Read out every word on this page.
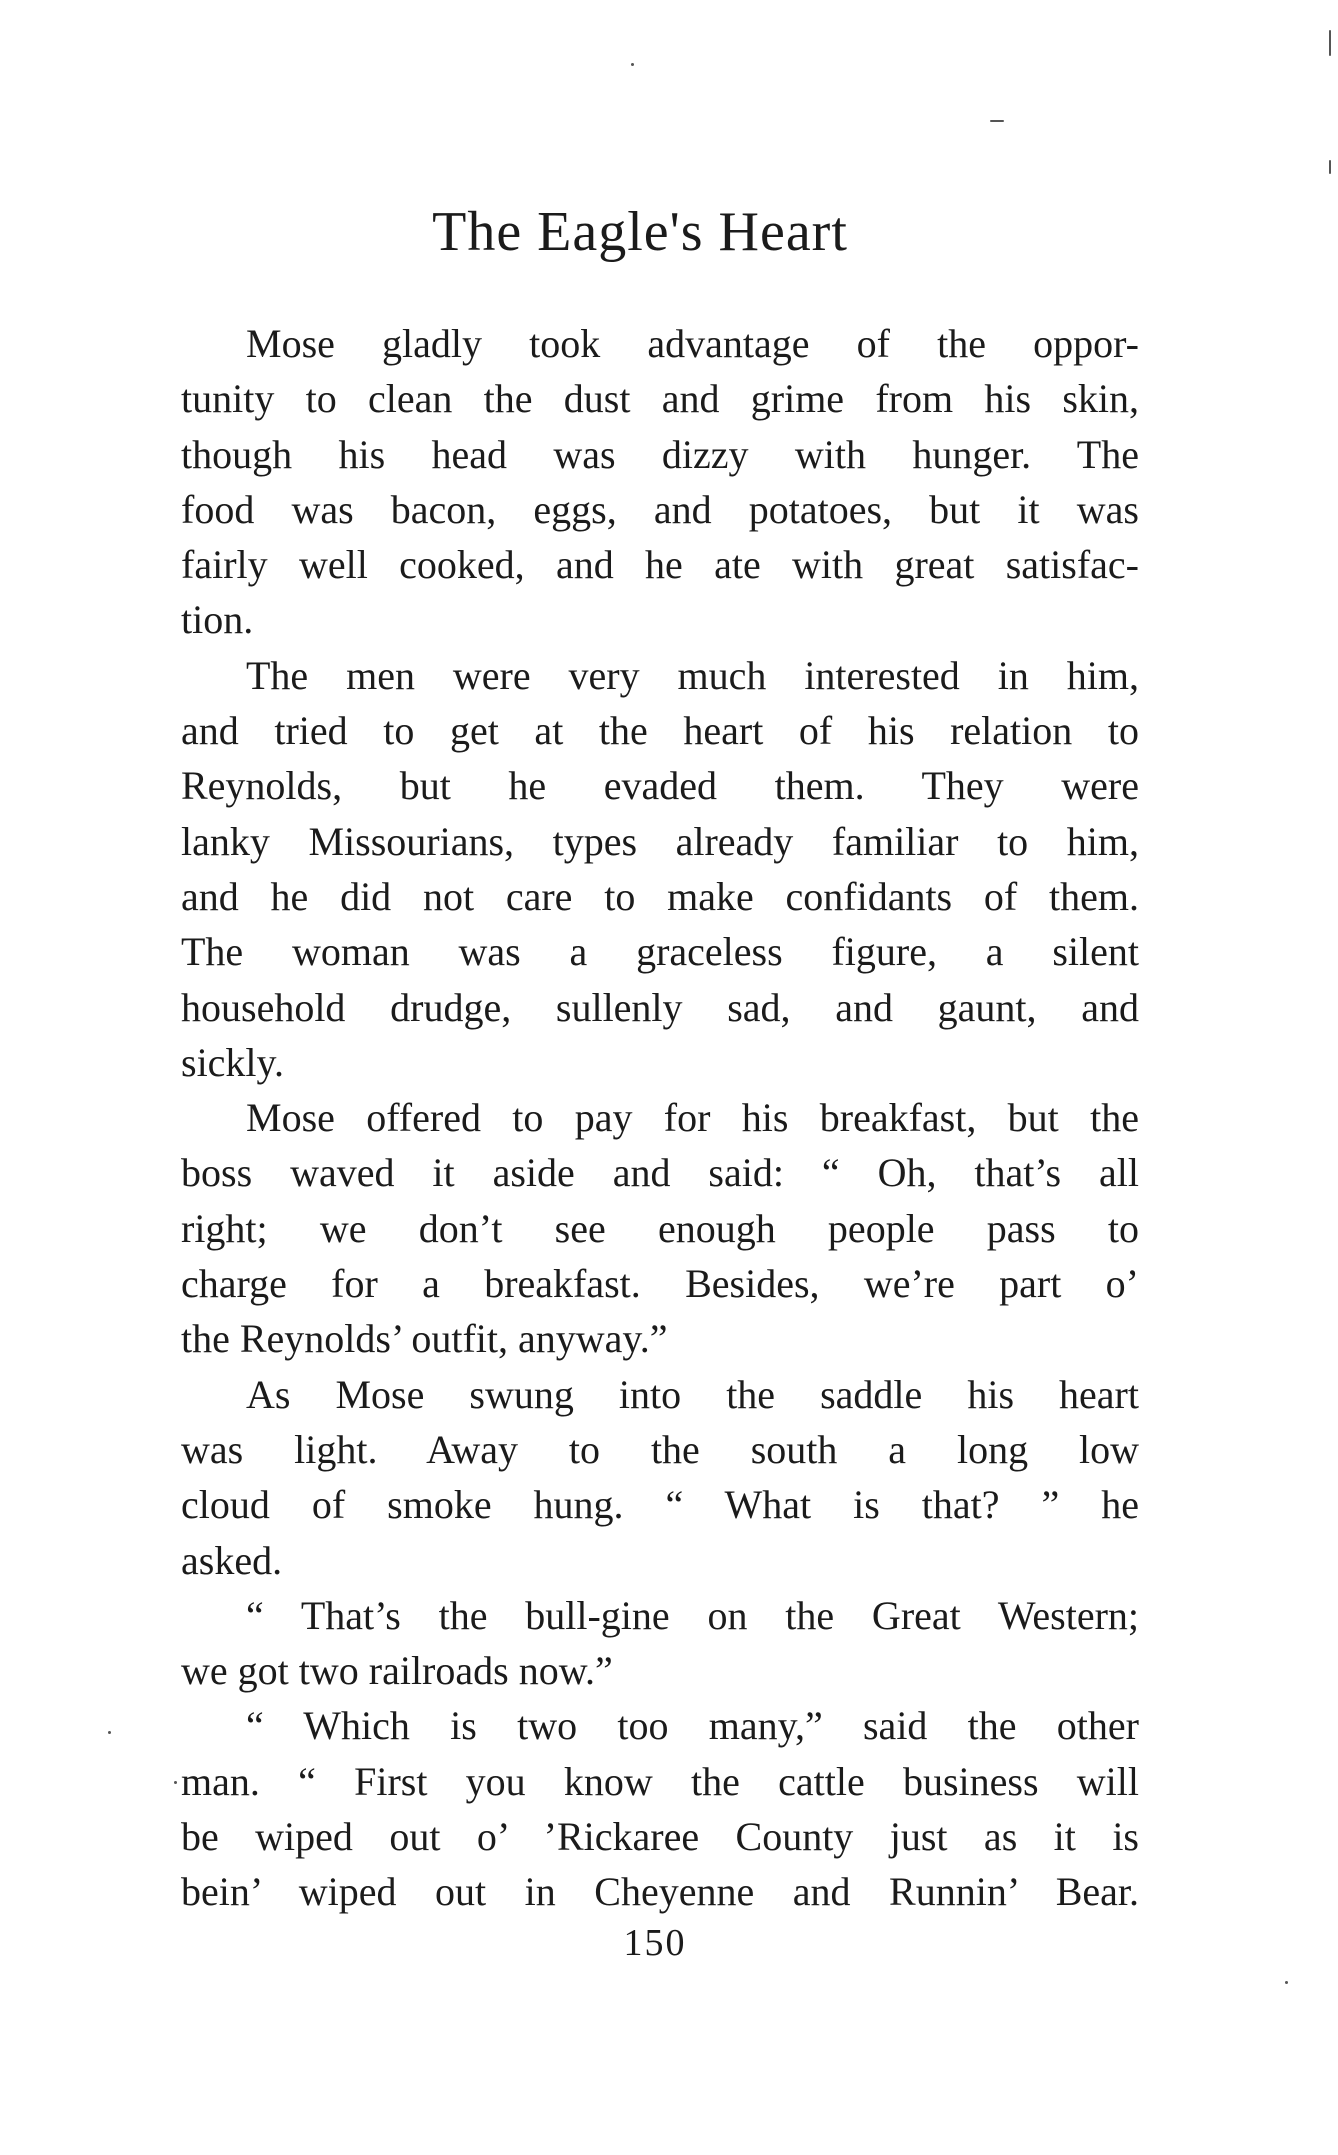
The Eagle's Heart
Mose gladly took advantage of the oppor-
tunity to clean the dust and grime from his skin,
though his head was dizzy with hunger. The
food was bacon, eggs, and potatoes, but it was
fairly well cooked, and he ate with great satisfac-
tion.
The men were very much interested in him,
and tried to get at the heart of his relation to
Reynolds, but he evaded them. They were
lanky Missourians, types already familiar to him,
and he did not care to make confidants of them.
The woman was a graceless figure, a silent
household drudge, sullenly sad, and gaunt, and
sickly.
Mose offered to pay for his breakfast, but the
boss waved it aside and said: “ Oh, that’s all
right; we don’t see enough people pass to
charge for a breakfast. Besides, we’re part o’
the Reynolds’ outfit, anyway.”
As Mose swung into the saddle his heart
was light. Away to the south a long low
cloud of smoke hung. “ What is that? ” he
asked.
“ That’s the bull-gine on the Great Western;
we got two railroads now.”
“ Which is two too many,” said the other
man. “ First you know the cattle business will
be wiped out o’ ’Rickaree County just as it is
bein’ wiped out in Cheyenne and Runnin’ Bear.
150
